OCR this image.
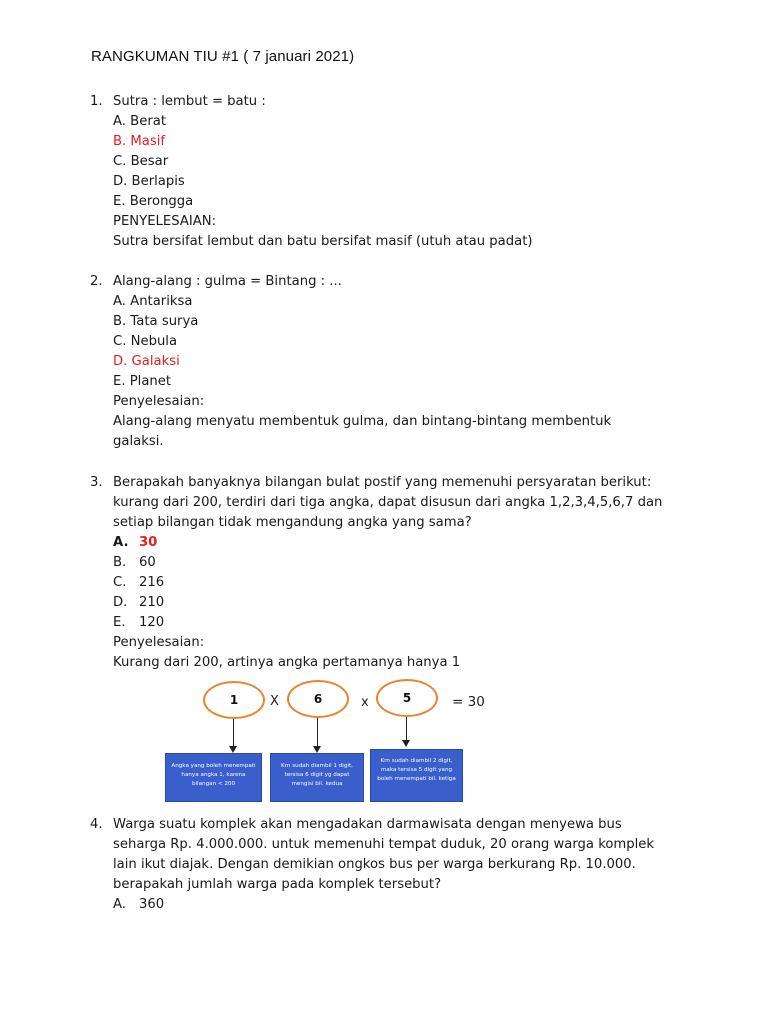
RANGKUMAN TIU #1 ( 7 januari 2021)
1. Sutra : lembut = batu :
A. Berat
B. Masif
C. Besar
D. Berlapis
E. Berongga
PENYELESAIAN:
Sutra bersifat lembut dan batu bersifat masif (utuh atau padat)
2. Alang-alang : gulma = Bintang : ...
A. Antariksa
B. Tata surya
C. Nebula
D. Galaksi
E. Planet
Penyelesaian:
Alang-alang menyatu membentuk gulma, dan bintang-bintang membentuk
galaksi.
3. Berapakah banyaknya bilangan bulat postif yang memenuhi persyaratan berikut:
kurang dari 200, terdiri dari tiga angka, dapat disusun dari angka 1,2,3,4,5,6,7 dan
setiap bilangan tidak mengandung angka yang sama?
A. 30
B. 60
C. 216
D. 210
E. 120
Penyelesaian:
Kurang dari 200, artinya angka pertamanya hanya 1
1	X	6	x	5	= 30
Angka yang boleh menempati hanya angka 1, karena bilangan < 200
Krn sudah diambil 1 digit, tersisa 6 digit yg dapat mengisi bil. kedua
Krn sudah diambil 2 digit, maka tersisa 5 digit yang boleh menempati bil. ketiga
4. Warga suatu komplek akan mengadakan darmawisata dengan menyewa bus
seharga Rp. 4.000.000. untuk memenuhi tempat duduk, 20 orang warga komplek
lain ikut diajak. Dengan demikian ongkos bus per warga berkurang Rp. 10.000.
berapakah jumlah warga pada komplek tersebut?
A. 360
